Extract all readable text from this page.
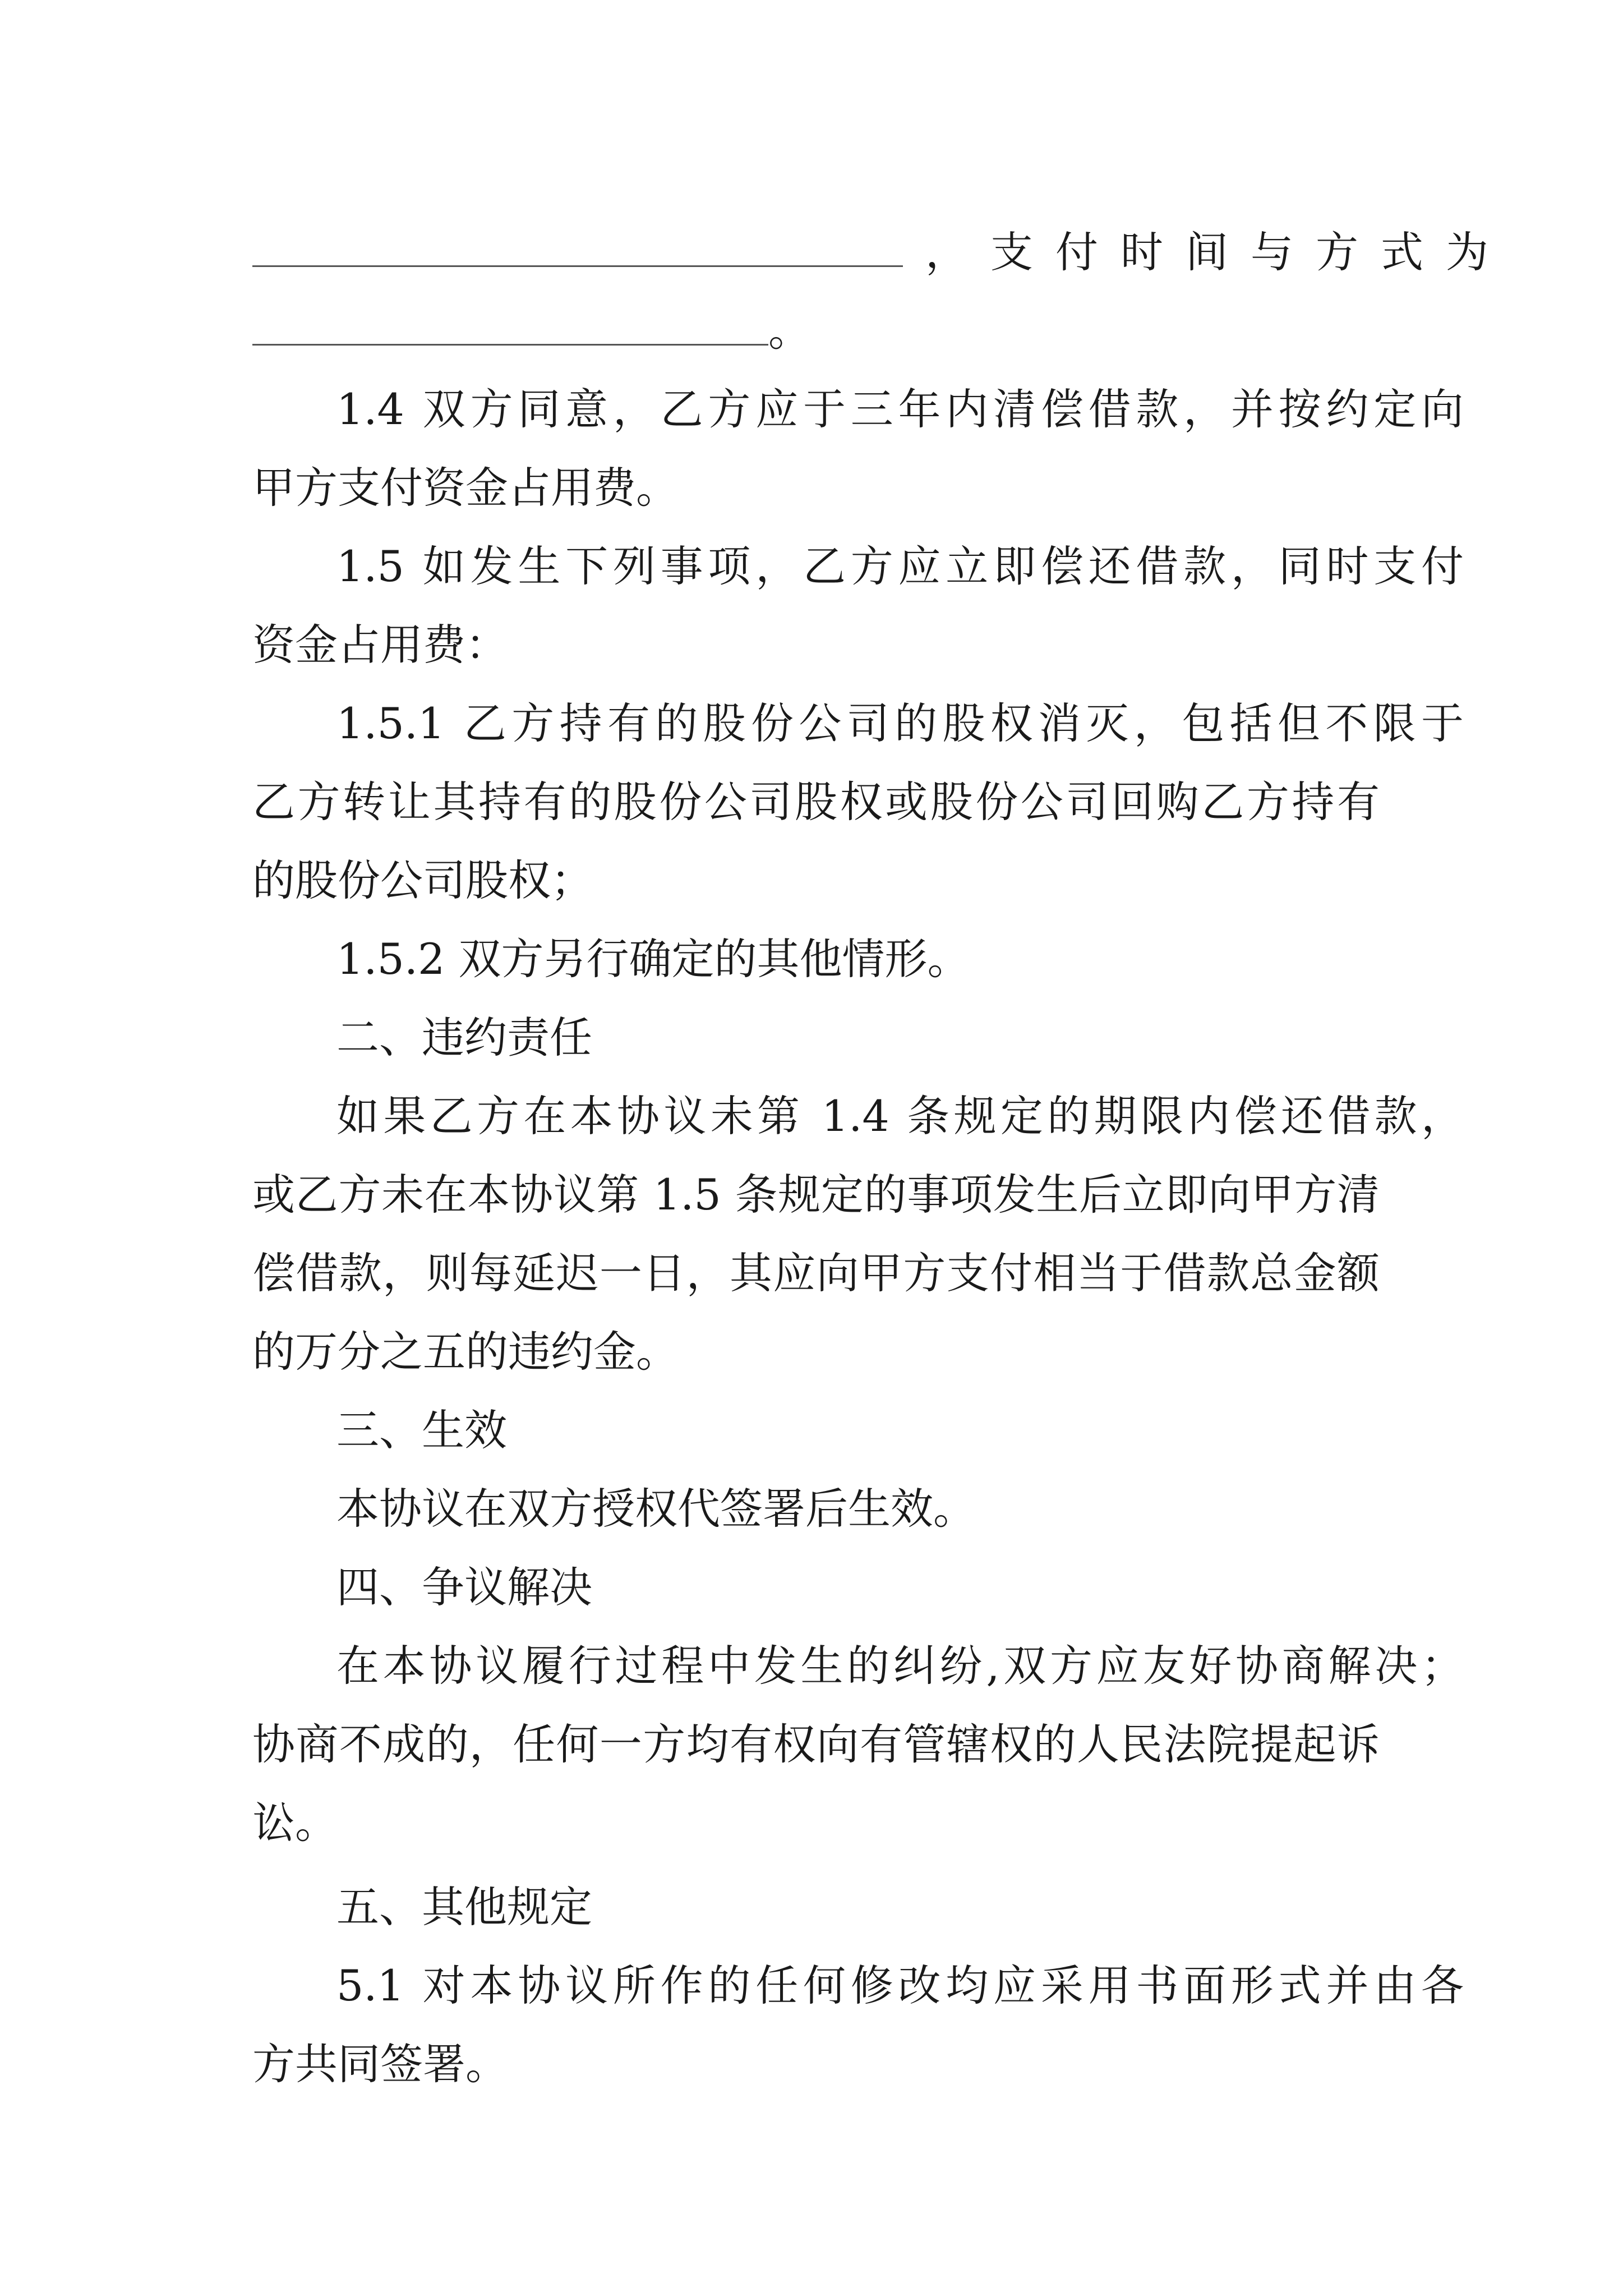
，支付时间与方式为
。
1.4 双方同意，乙方应于三年内清偿借款，并按约定向
甲方支付资金占用费。
1.5 如发生下列事项，乙方应立即偿还借款，同时支付
资金占用费：
1.5.1 乙方持有的股份公司的股权消灭，包括但不限于
乙方转让其持有的股份公司股权或股份公司回购乙方持有
的股份公司股权；
1.5.2 双方另行确定的其他情形。
二、违约责任
如果乙方在本协议未第 1.4 条规定的期限内偿还借款，
或乙方未在本协议第 1.5 条规定的事项发生后立即向甲方清
偿借款，则每延迟一日，其应向甲方支付相当于借款总金额
的万分之五的违约金。
三、生效
本协议在双方授权代签署后生效。
四、争议解决
在本协议履行过程中发生的纠纷,双方应友好协商解决；
协商不成的，任何一方均有权向有管辖权的人民法院提起诉
讼。
五、其他规定
5.1 对本协议所作的任何修改均应采用书面形式并由各
方共同签署。
